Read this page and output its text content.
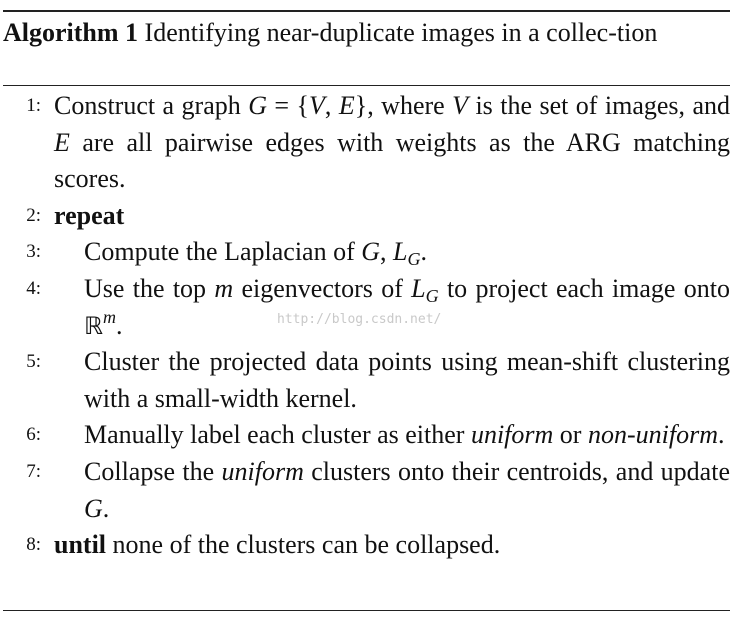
Algorithm 1 Identifying near-duplicate images in a collec-tion
1: Construct a graph G = {V, E}, where V is the set of images, and E are all pairwise edges with weights as the ARG matching scores.
2: repeat
3:	Compute the Laplacian of G, $L_G$.
4:	Use the top m eigenvectors of $L_G$ to project each image onto ℝ$^m$.
5:	Cluster the projected data points using mean-shift clustering with a small-width kernel.
6:	Manually label each cluster as either uniform or non-uniform.
7:	Collapse the uniform clusters onto their centroids, and update G.
8: until none of the clusters can be collapsed.
http://blog.csdn.net/
